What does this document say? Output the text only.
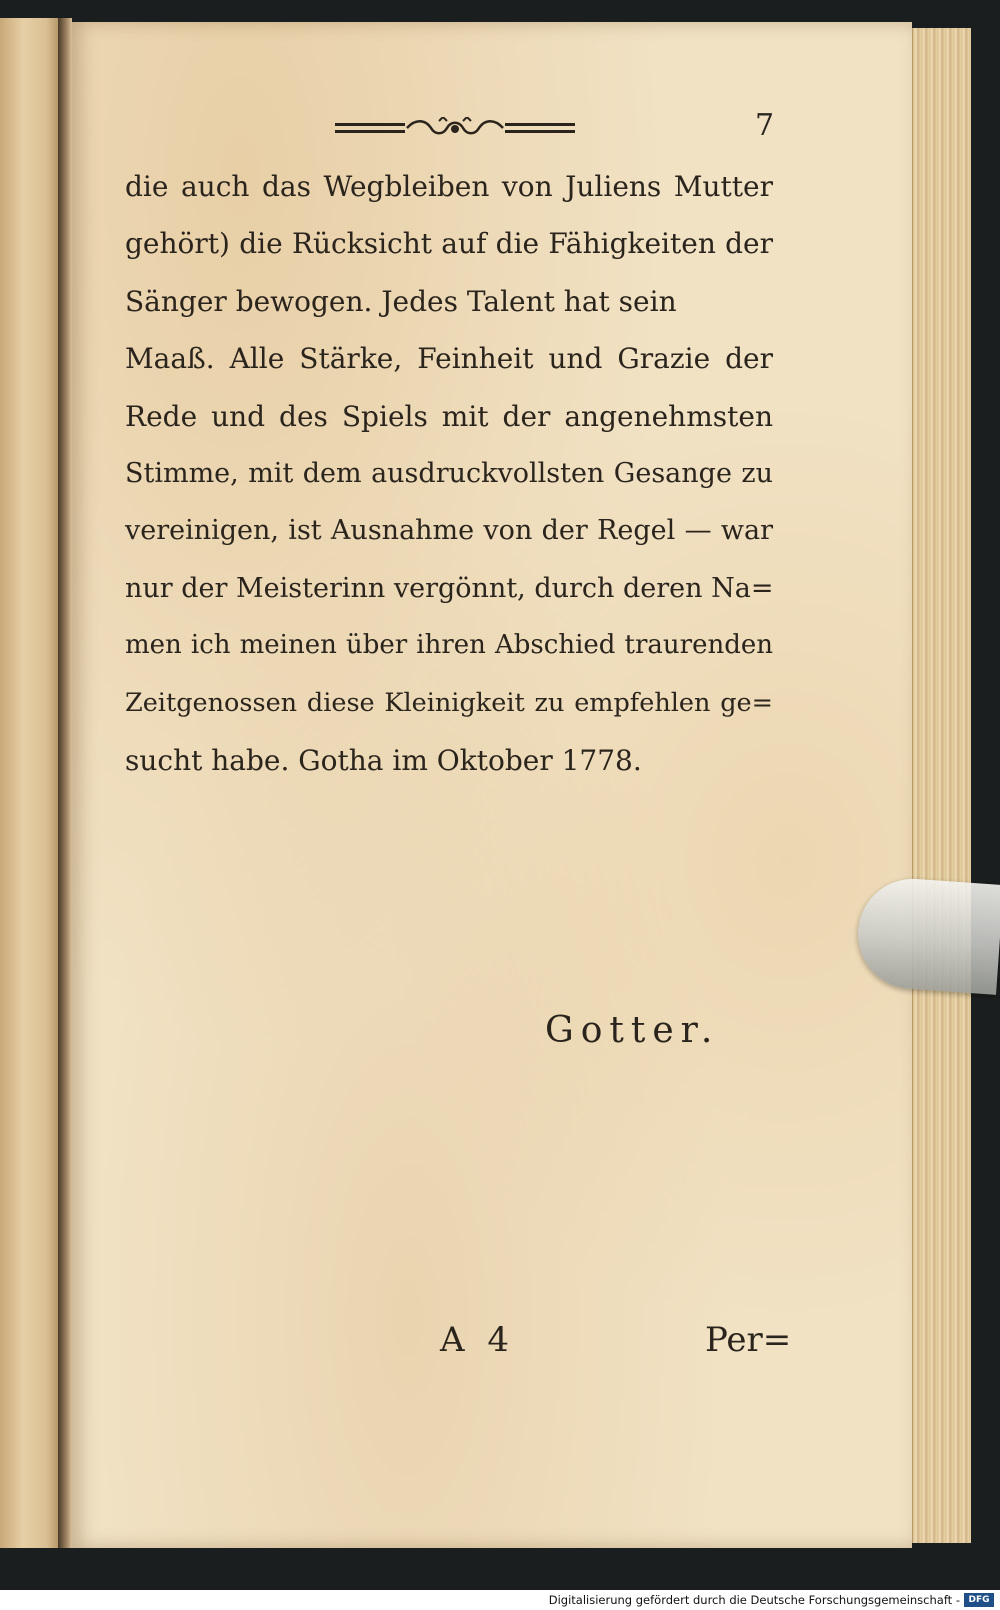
7
die auch das Wegbleiben von Juliens Mutter
gehört) die Rücksicht auf die Fähigkeiten der
Sänger bewogen. Jedes Talent hat sein
Maaß. Alle Stärke, Feinheit und Grazie der
Rede und des Spiels mit der angenehmsten
Stimme, mit dem ausdruckvollsten Gesange zu
vereinigen, ist Ausnahme von der Regel — war
nur der Meisterinn vergönnt, durch deren Na=
men ich meinen über ihren Abschied traurenden
Zeitgenossen diese Kleinigkeit zu empfehlen ge=
sucht habe. Gotha im Oktober 1778.
Gotter.
A 4	Per=
Digitalisierung gefördert durch die Deutsche Forschungsgemeinschaft - DFG
